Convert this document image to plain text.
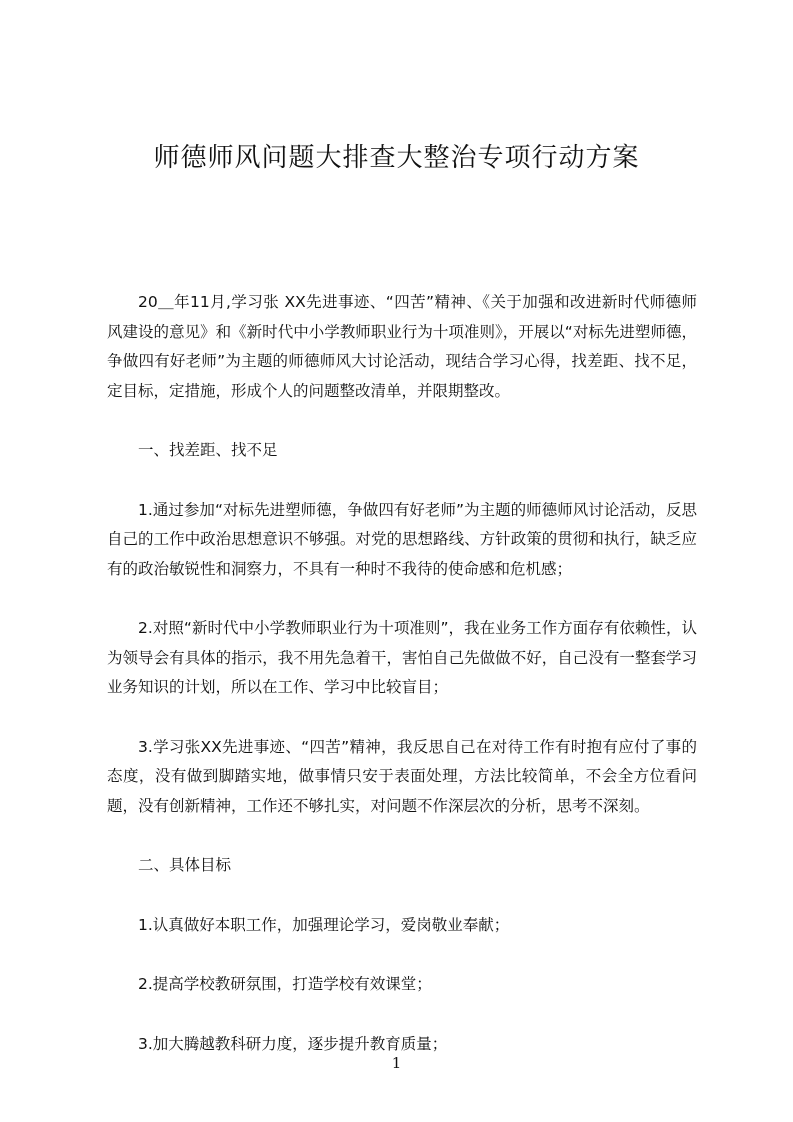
师德师风问题大排查大整治专项行动方案

20＿年11月,学习张 XX先进事迹、“四苦”精神、《关于加强和改进新时代师德师风建设的意见》和《新时代中小学教师职业行为十项准则》，开展以“对标先进塑师德，争做四有好老师”为主题的师德师风大讨论活动，现结合学习心得，找差距、找不足，定目标，定措施，形成个人的问题整改清单，并限期整改。

一、找差距、找不足

1.通过参加“对标先进塑师德，争做四有好老师”为主题的师德师风讨论活动，反思自己的工作中政治思想意识不够强。对党的思想路线、方针政策的贯彻和执行，缺乏应有的政治敏锐性和洞察力，不具有一种时不我待的使命感和危机感；

2.对照“新时代中小学教师职业行为十项准则”，我在业务工作方面存有依赖性，认为领导会有具体的指示，我不用先急着干，害怕自己先做做不好，自己没有一整套学习业务知识的计划，所以在工作、学习中比较盲目；

3.学习张XX先进事迹、“四苦”精神，我反思自己在对待工作有时抱有应付了事的态度，没有做到脚踏实地，做事情只安于表面处理，方法比较简单，不会全方位看问题，没有创新精神，工作还不够扎实，对问题不作深层次的分析，思考不深刻。

二、具体目标

1.认真做好本职工作，加强理论学习，爱岗敬业奉献；

2.提高学校教研氛围，打造学校有效课堂；

3.加大腾越教科研力度，逐步提升教育质量；

1
